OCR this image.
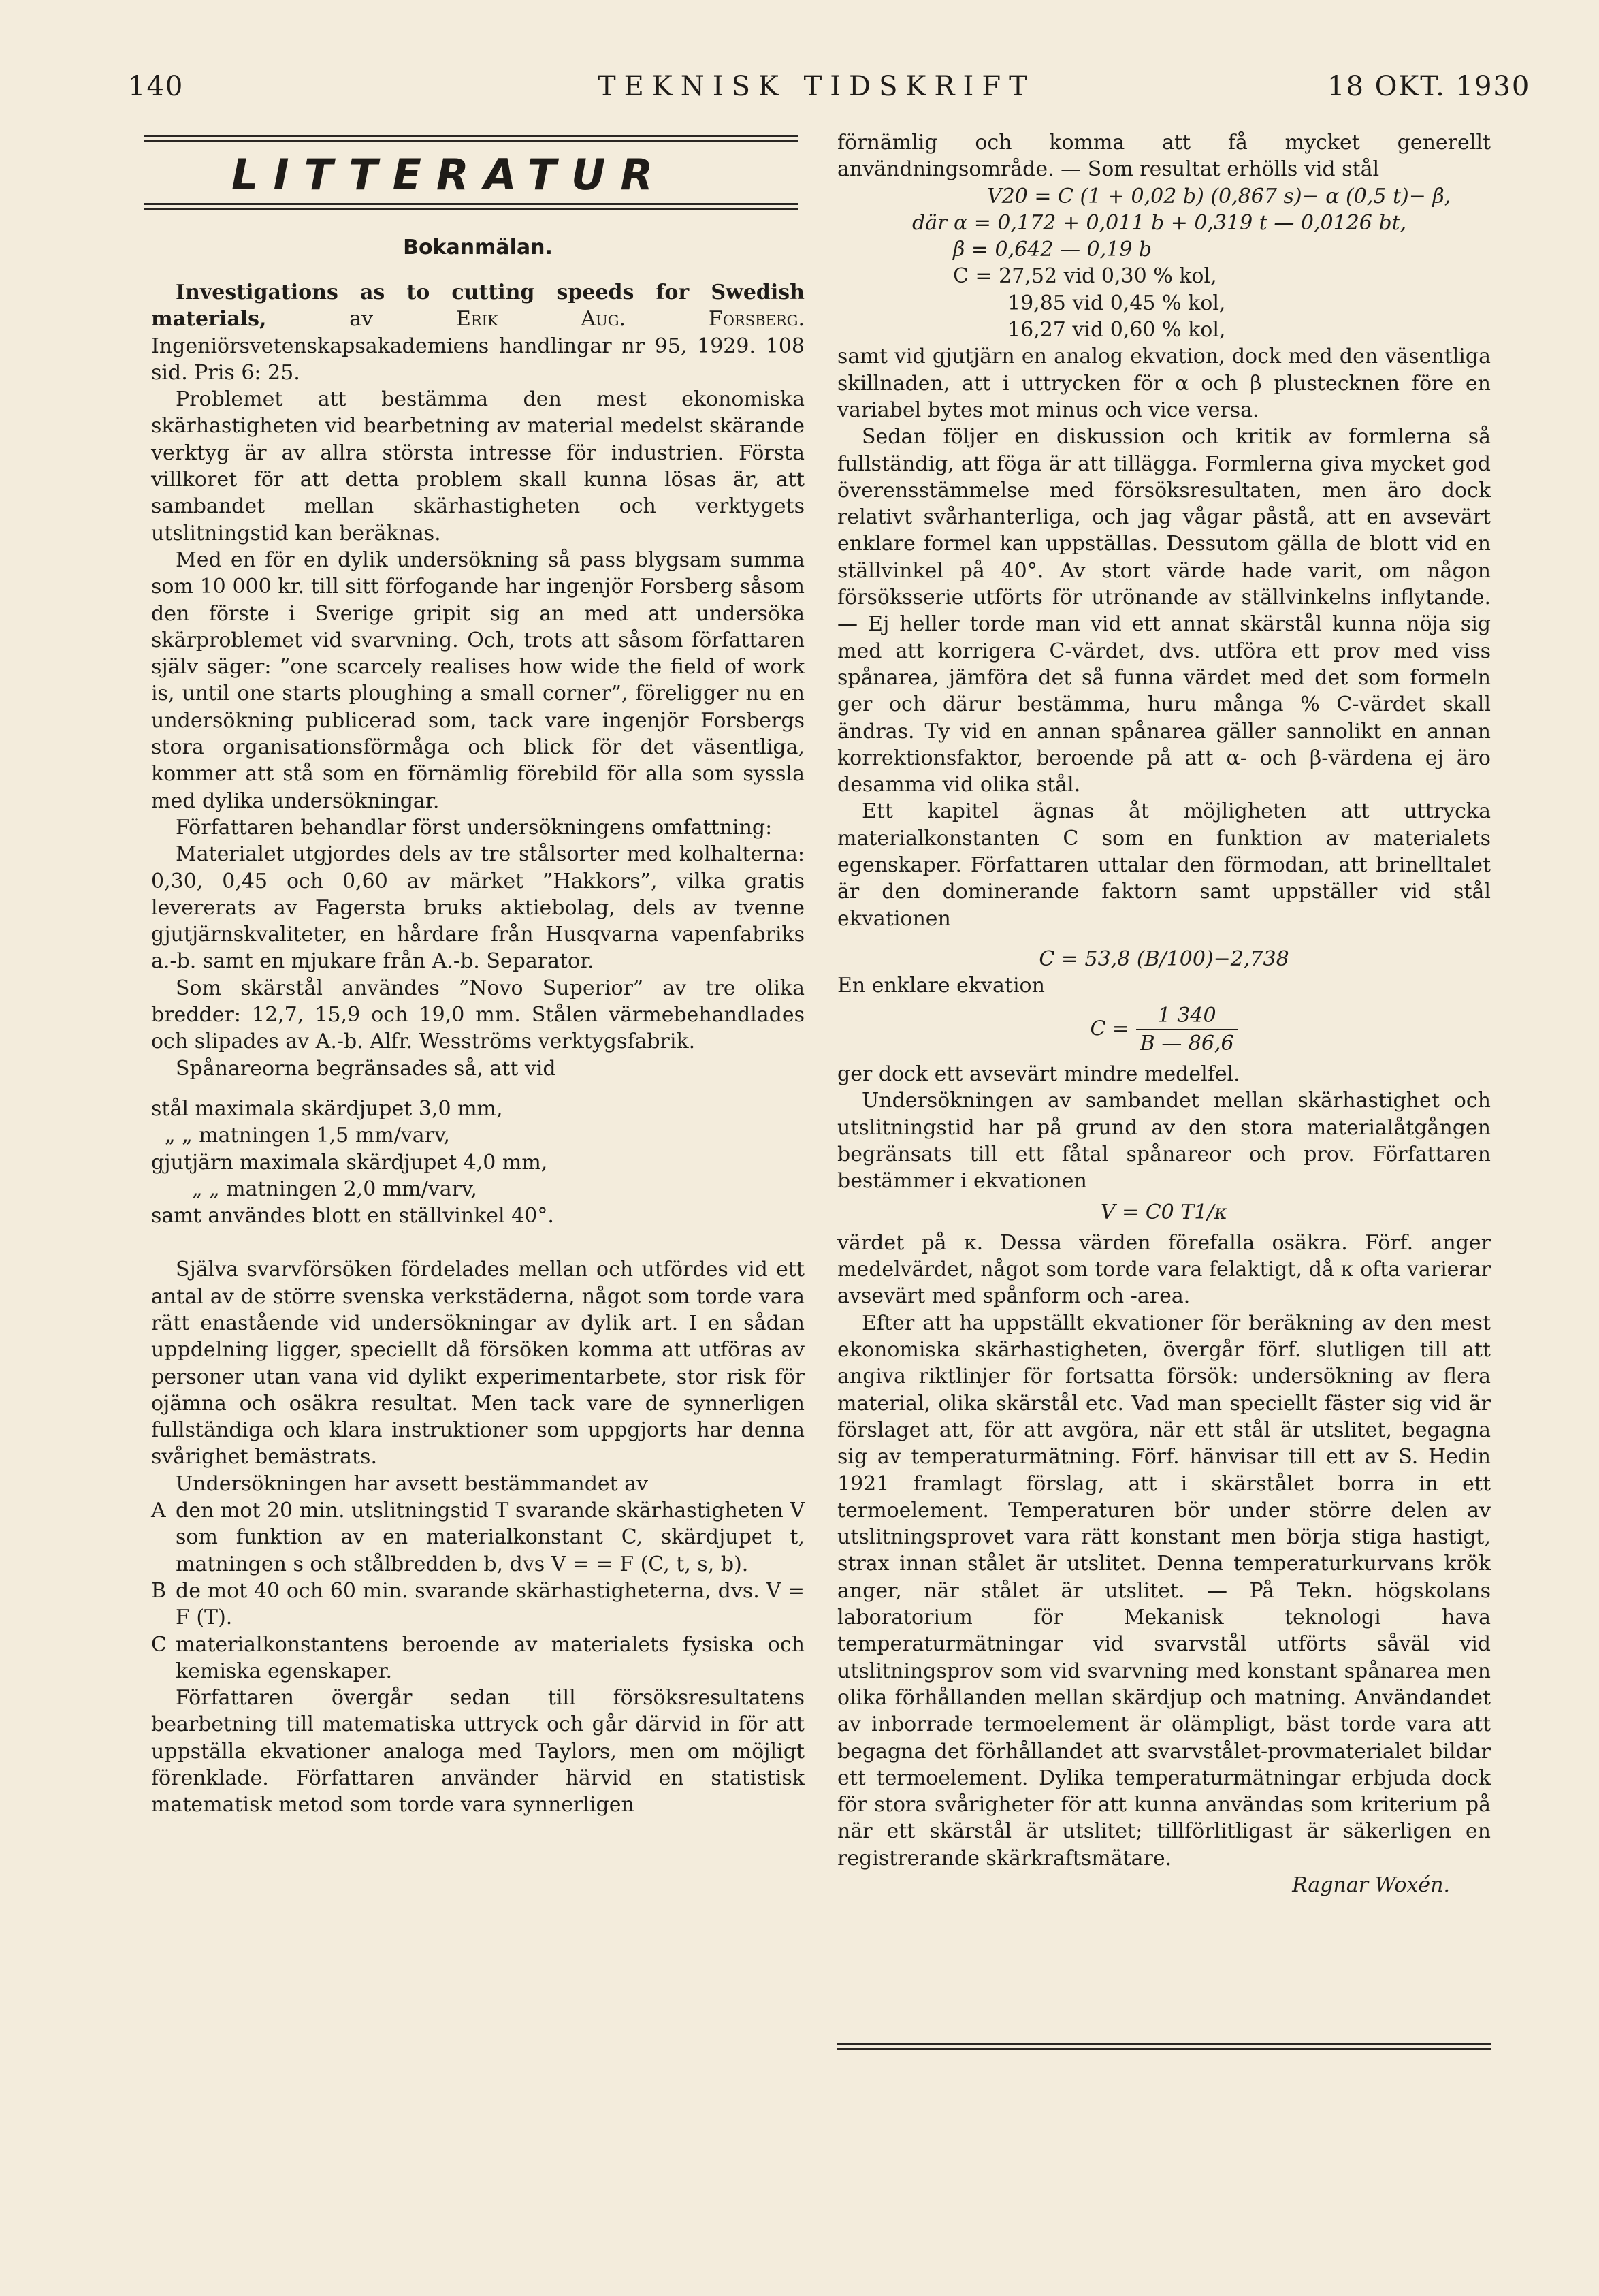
140	TEKNISK TIDSKRIFT	18 OKT. 1930
LITTERATUR
Bokanmälan.

Investigations as to cutting speeds for Swedish materials,	av	Erik Aug. Forsberg. Ingeniörsvetenskapsakademiens handlingar nr 95, 1929. 108 sid. Pris 6: 25.

Problemet att bestämma den mest ekonomiska skärhastigheten vid bearbetning av material medelst skärande verktyg är av allra största intresse för industrien. Första villkoret för att detta problem skall kunna lösas är, att sambandet mellan skärhastigheten och verktygets utslitningstid kan beräknas.

Med en för en dylik undersökning så pass blygsam summa som 10 000 kr. till sitt förfogande har ingenjör Forsberg såsom den förste i Sverige gripit sig an med att undersöka skärproblemet vid svarvning. Och, trots att såsom författaren själv säger: ”one scarcely realises how wide the field of work is, until one starts ploughing a small corner”, föreligger nu en undersökning publicerad som, tack vare ingenjör Forsbergs stora organisationsförmåga och blick för det väsentliga, kommer att stå som en förnämlig förebild för alla som syssla med dylika undersökningar.

Författaren behandlar först undersökningens omfattning:

Materialet utgjordes dels av tre stålsorter med kolhalterna: 0,30, 0,45 och 0,60 av märket ”Hakkors”, vilka gratis levererats av Fagersta bruks aktiebolag, dels av tvenne gjutjärnskvaliteter, en hårdare från Husqvarna vapenfabriks a.-b. samt en mjukare från A.-b. Separator.

Som skärstål användes ”Novo Superior” av tre olika bredder: 12,7, 15,9 och 19,0 mm. Stålen värmebehandlades och slipades av A.-b. Alfr. Wesströms verktygsfabrik.

Spånareorna begränsades så, att vid

stål maximala skärdjupet 3,0 mm,

„ „ matningen 1,5 mm/varv,

gjutjärn maximala skärdjupet 4,0 mm,

„ „ matningen 2,0 mm/varv,

samt användes blott en ställvinkel 40°.

Själva svarvförsöken fördelades mellan och utfördes vid ett antal av de större svenska verkstäderna, något som torde vara rätt enastående vid undersökningar av dylik art. I en sådan uppdelning ligger, speciellt då försöken komma att utföras av personer utan vana vid dylikt experimentarbete, stor risk för ojämna och osäkra resultat. Men tack vare de synnerligen fullständiga och klara instruktioner som uppgjorts har denna svårighet bemästrats.

Undersökningen har avsett bestämmandet av

A den mot 20 min. utslitningstid T svarande skärhastigheten V som funktion av en materialkonstant C, skärdjupet t, matningen s och stålbredden b, dvs V = = F (C, t, s, b).
B de mot 40 och 60 min. svarande skärhastigheterna, dvs. V = F (T).
C materialkonstantens beroende av materialets fysiska och kemiska egenskaper.

Författaren övergår sedan till försöksresultatens bearbetning till matematiska uttryck och går därvid in för att uppställa ekvationer analoga med Taylors, men om möjligt förenklade. Författaren använder härvid en statistisk matematisk metod som torde vara synnerligen

förnämlig och komma att få mycket generellt användningsområde. — Som resultat erhölls vid stål

V20 = C (1 + 0,02 b) (0,867 s)− α (0,5 t)− β,

där α = 0,172 + 0,011 b + 0,319 t — 0,0126 bt,

β = 0,642 — 0,19 b

C = 27,52 vid 0,30 % kol,

19,85 vid 0,45 % kol,

16,27 vid 0,60 % kol,

samt vid gjutjärn en analog ekvation, dock med den väsentliga skillnaden, att i uttrycken för α och β plustecknen före en variabel bytes mot minus och vice versa.

Sedan följer en diskussion och kritik av formlerna så fullständig, att föga är att tillägga. Formlerna giva mycket god överensstämmelse med försöksresultaten, men äro dock relativt svårhanterliga, och jag vågar påstå, att en avsevärt enklare formel kan uppställas. Dessutom gälla de blott vid en ställvinkel på 40°. Av stort värde hade varit, om någon försöksserie utförts för utrönande av ställvinkelns inflytande. — Ej heller torde man vid ett annat skärstål kunna nöja sig med att korrigera C-värdet, dvs. utföra ett prov med viss spånarea, jämföra det så funna värdet med det som formeln ger och därur bestämma, huru många % C-värdet skall ändras. Ty vid en annan spånarea gäller sannolikt en annan korrektionsfaktor, beroende på att α- och β-värdena ej äro desamma vid olika stål.

Ett kapitel ägnas åt möjligheten att uttrycka materialkonstanten C som en funktion av materialets egenskaper. Författaren uttalar den förmodan, att brinelltalet är den dominerande faktorn samt uppställer vid stål ekvationen

C = 53,8 (B/100)−2,738

En enklare ekvation

$C = \frac{1 340}{B — 86,6}$

ger dock ett avsevärt mindre medelfel.

Undersökningen av sambandet mellan skärhastighet och utslitningstid har på grund av den stora materialåtgången begränsats till ett fåtal spånareor och prov. Författaren bestämmer i ekvationen

V = C0 T1/κ

värdet på κ. Dessa värden förefalla osäkra. Förf. anger medelvärdet, något som torde vara felaktigt, då κ ofta varierar avsevärt med spånform och -area.

Efter att ha uppställt ekvationer för beräkning av den mest ekonomiska skärhastigheten, övergår förf. slutligen till att angiva riktlinjer för fortsatta försök: undersökning av flera material, olika skärstål etc. Vad man speciellt fäster sig vid är förslaget att, för att avgöra, när ett stål är utslitet, begagna sig av temperaturmätning. Förf. hänvisar till ett av S. Hedin 1921 framlagt förslag, att i skärstålet borra in ett termoelement. Temperaturen bör under större delen av utslitningsprovet vara rätt konstant men börja stiga hastigt, strax innan stålet är utslitet. Denna temperaturkurvans krök anger, när stålet är utslitet. — På Tekn. högskolans laboratorium för Mekanisk teknologi hava temperaturmätningar vid svarvstål utförts såväl vid utslitningsprov som vid svarvning med konstant spånarea men olika förhållanden mellan skärdjup och matning. Användandet av inborrade termoelement är olämpligt, bäst torde vara att begagna det förhållandet att svarvstålet-provmaterialet bildar ett termoelement. Dylika temperaturmätningar erbjuda dock för stora svårigheter för att kunna användas som kriterium på när ett skärstål är utslitet; tillförlitligast är säkerligen en registrerande skärkraftsmätare.

Ragnar Woxén.
